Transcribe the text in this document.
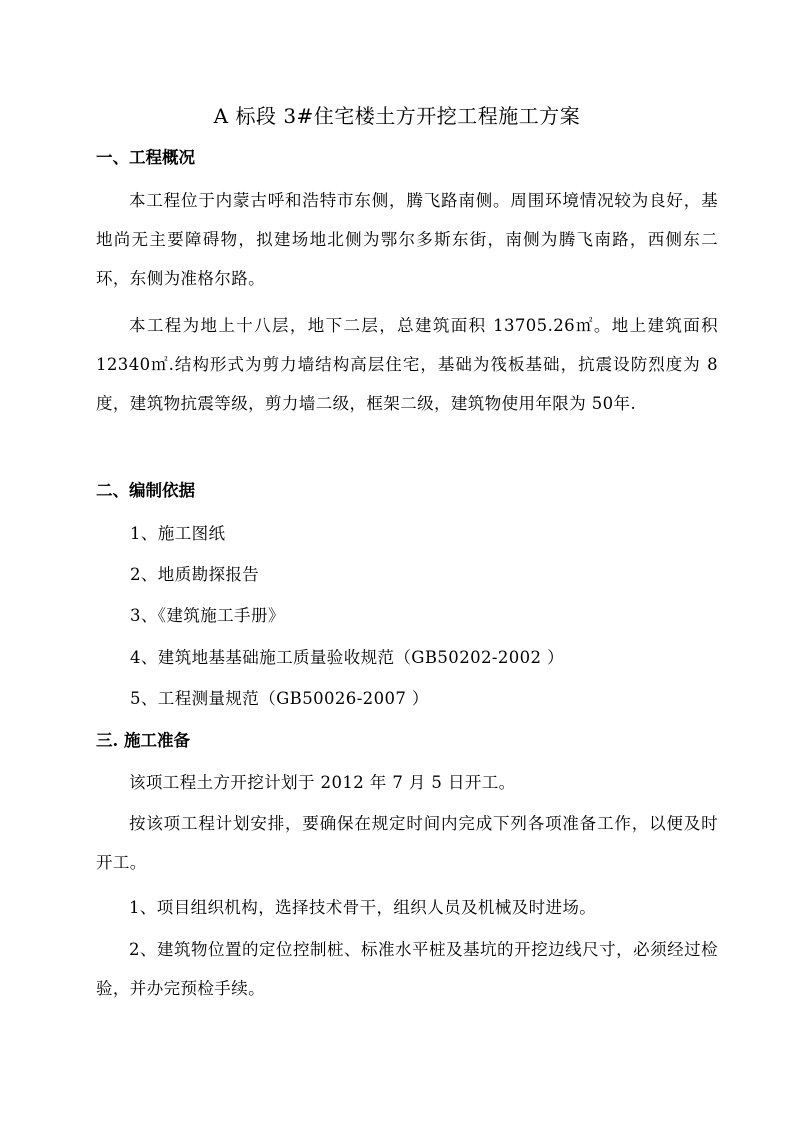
A 标段 3#住宅楼土方开挖工程施工方案
一、工程概况
本工程位于内蒙古呼和浩特市东侧，腾飞路南侧。周围环境情况较为良好，基地尚无主要障碍物，拟建场地北侧为鄂尔多斯东街，南侧为腾飞南路，西侧东二环，东侧为准格尔路。
本工程为地上十八层，地下二层，总建筑面积 13705.26㎡。地上建筑面积 12340㎡.结构形式为剪力墙结构高层住宅，基础为筏板基础，抗震设防烈度为 8度，建筑物抗震等级，剪力墙二级，框架二级，建筑物使用年限为 50年.
二、编制依据
1、施工图纸
2、地质勘探报告
3、《建筑施工手册》
4、建筑地基基础施工质量验收规范（GB50202-2002 ）
5、工程测量规范（GB50026-2007 ）
三. 施工准备
该项工程土方开挖计划于 2012 年 7 月 5 日开工。
按该项工程计划安排，要确保在规定时间内完成下列各项准备工作，以便及时开工。
1、项目组织机构，选择技术骨干，组织人员及机械及时进场。
2、建筑物位置的定位控制桩、标准水平桩及基坑的开挖边线尺寸，必须经过检验，并办完预检手续。
